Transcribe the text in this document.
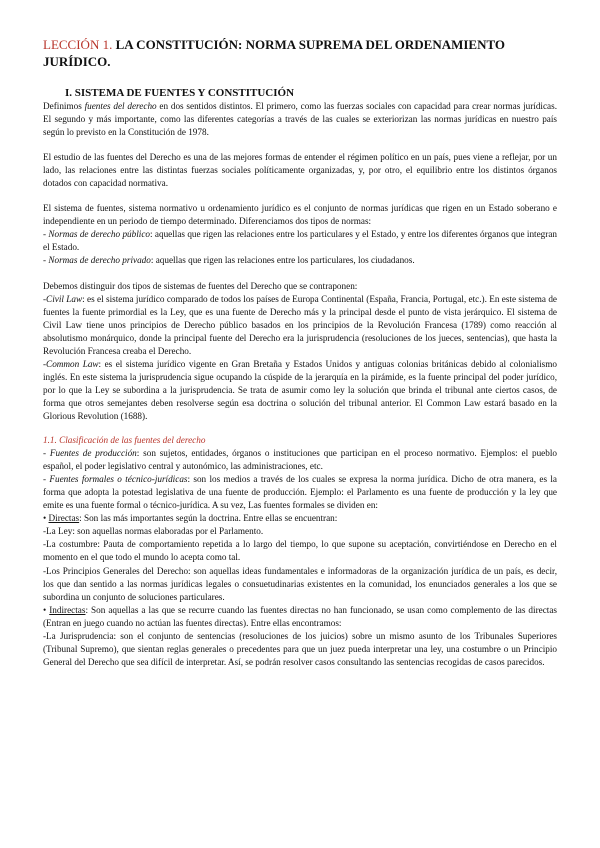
LECCIÓN 1. LA CONSTITUCIÓN: NORMA SUPREMA DEL ORDENAMIENTO JURÍDICO.
I. SISTEMA DE FUENTES Y CONSTITUCIÓN

Definimos fuentes del derecho en dos sentidos distintos. El primero, como las fuerzas sociales con capacidad para crear normas jurídicas. El segundo y más importante, como las diferentes categorías a través de las cuales se exteriorizan las normas jurídicas en nuestro país según lo previsto en la Constitución de 1978.

El estudio de las fuentes del Derecho es una de las mejores formas de entender el régimen político en un país, pues viene a reflejar, por un lado, las relaciones entre las distintas fuerzas sociales políticamente organizadas, y, por otro, el equilibrio entre los distintos órganos dotados con capacidad normativa.

El sistema de fuentes, sistema normativo u ordenamiento jurídico es el conjunto de normas jurídicas que rigen en un Estado soberano e independiente en un periodo de tiempo determinado. Diferenciamos dos tipos de normas:

- Normas de derecho público: aquellas que rigen las relaciones entre los particulares y el Estado, y entre los diferentes órganos que integran el Estado.

- Normas de derecho privado: aquellas que rigen las relaciones entre los particulares, los ciudadanos.

Debemos distinguir dos tipos de sistemas de fuentes del Derecho que se contraponen:

-Civil Law: es el sistema jurídico comparado de todos los países de Europa Continental (España, Francia, Portugal, etc.). En este sistema de fuentes la fuente primordial es la Ley, que es una fuente de Derecho más y la principal desde el punto de vista jerárquico. El sistema de Civil Law tiene unos principios de Derecho público basados en los principios de la Revolución Francesa (1789) como reacción al absolutismo monárquico, donde la principal fuente del Derecho era la jurisprudencia (resoluciones de los jueces, sentencias), que hasta la Revolución Francesa creaba el Derecho.

-Common Law: es el sistema jurídico vigente en Gran Bretaña y Estados Unidos y antiguas colonias británicas debido al colonialismo inglés. En este sistema la jurisprudencia sigue ocupando la cúspide de la jerarquía en la pirámide, es la fuente principal del poder jurídico, por lo que la Ley se subordina a la jurisprudencia. Se trata de asumir como ley la solución que brinda el tribunal ante ciertos casos, de forma que otros semejantes deben resolverse según esa doctrina o solución del tribunal anterior. El Common Law estará basado en la Glorious Revolution (1688).

1.1. Clasificación de las fuentes del derecho

- Fuentes de producción: son sujetos, entidades, órganos o instituciones que participan en el proceso normativo. Ejemplos: el pueblo español, el poder legislativo central y autonómico, las administraciones, etc.

- Fuentes formales o técnico-jurídicas: son los medios a través de los cuales se expresa la norma jurídica. Dicho de otra manera, es la forma que adopta la potestad legislativa de una fuente de producción. Ejemplo: el Parlamento es una fuente de producción y la ley que emite es una fuente formal o técnico-jurídica. A su vez, Las fuentes formales se dividen en:

• Directas: Son las más importantes según la doctrina. Entre ellas se encuentran:

-La Ley: son aquellas normas elaboradas por el Parlamento.

-La costumbre: Pauta de comportamiento repetida a lo largo del tiempo, lo que supone su aceptación, convirtiéndose en Derecho en el momento en el que todo el mundo lo acepta como tal.

-Los Principios Generales del Derecho: son aquellas ideas fundamentales e informadoras de la organización jurídica de un país, es decir, los que dan sentido a las normas jurídicas legales o consuetudinarias existentes en la comunidad, los enunciados generales a los que se subordina un conjunto de soluciones particulares.

• Indirectas: Son aquellas a las que se recurre cuando las fuentes directas no han funcionado, se usan como complemento de las directas (Entran en juego cuando no actúan las fuentes directas). Entre ellas encontramos:

-La Jurisprudencia: son el conjunto de sentencias (resoluciones de los juicios) sobre un mismo asunto de los Tribunales Superiores (Tribunal Supremo), que sientan reglas generales o precedentes para que un juez pueda interpretar una ley, una costumbre o un Principio General del Derecho que sea difícil de interpretar. Así, se podrán resolver casos consultando las sentencias recogidas de casos parecidos.
